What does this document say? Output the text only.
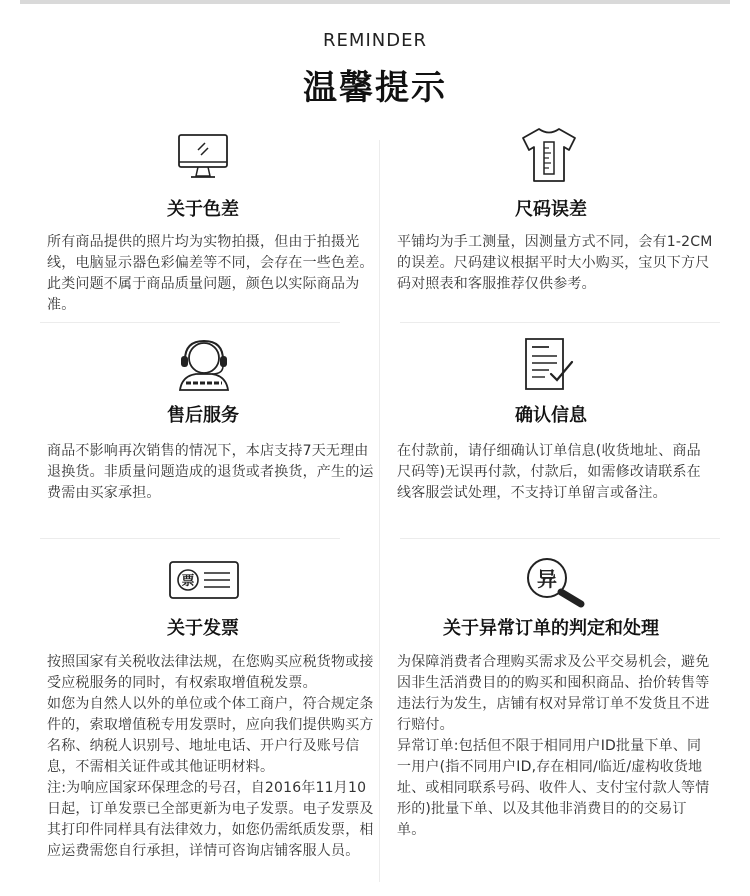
REMINDER
温馨提示
关于色差
所有商品提供的照片均为实物拍摄，但由于拍摄光线，电脑显示器色彩偏差等不同，会存在一些色差。此类问题不属于商品质量问题，颜色以实际商品为准。
尺码误差
平铺均为手工测量，因测量方式不同，会有1-2CM的误差。尺码建议根据平时大小购买，宝贝下方尺码对照表和客服推荐仅供参考。
售后服务
商品不影响再次销售的情况下，本店支持7天无理由退换货。非质量问题造成的退货或者换货，产生的运费需由买家承担。
确认信息
在付款前，请仔细确认订单信息(收货地址、商品尺码等)无误再付款，付款后，如需修改请联系在线客服尝试处理，不支持订单留言或备注。
票
关于发票
按照国家有关税收法律法规，在您购买应税货物或接受应税服务的同时，有权索取增值税发票。
如您为自然人以外的单位或个体工商户，符合规定条件的，索取增值税专用发票时，应向我们提供购买方名称、纳税人识别号、地址电话、开户行及账号信息，不需相关证件或其他证明材料。
注:为响应国家环保理念的号召，自2016年11月10日起，订单发票已全部更新为电子发票。电子发票及其打印件同样具有法律效力，如您仍需纸质发票，相应运费需您自行承担，详情可咨询店铺客服人员。
异
关于异常订单的判定和处理
为保障消费者合理购买需求及公平交易机会，避免因非生活消费目的的购买和囤积商品、抬价转售等违法行为发生，店铺有权对异常订单不发货且不进行赔付。
异常订单:包括但不限于相同用户ID批量下单、同一用户(指不同用户ID,存在相同/临近/虚构收货地址、或相同联系号码、收件人、支付宝付款人等情形的)批量下单、以及其他非消费目的的交易订单。
